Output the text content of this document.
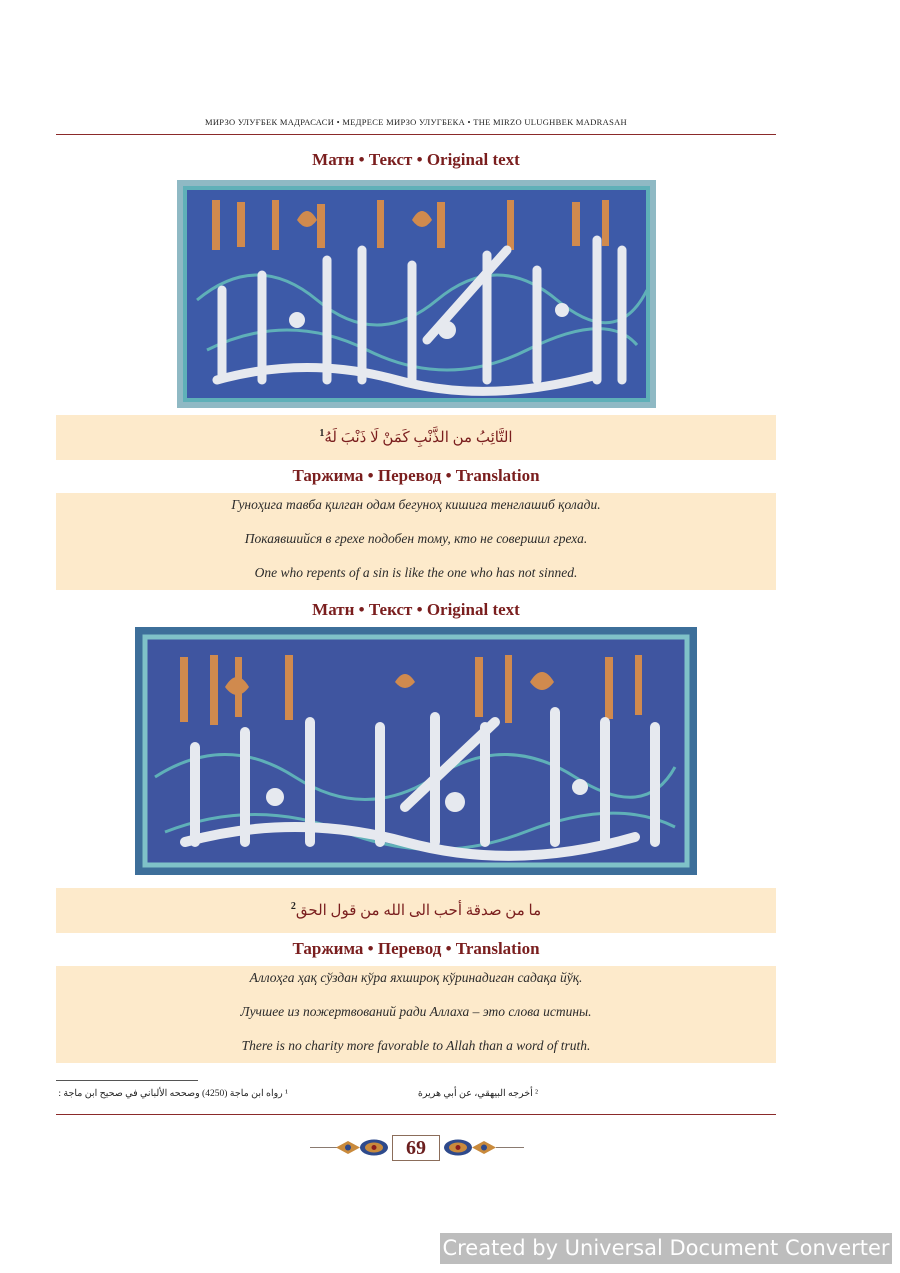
МИРЗО УЛУҒБЕК МАДРАСАСИ • МЕДРЕСЕ МИРЗО УЛУГБЕКА • THE MIRZO ULUGHBEK MADRASAH
Матн • Текст • Original text
التَّائِبُ من الذَّنْبِ كَمَنْ لَا ذَنْبَ لَهُ$^1$
Таржима • Перевод • Translation
Гуноҳига тавба қилган одам бегуноҳ кишига тенглашиб қолади.
Покаявшийся в грехе подобен тому, кто не совершил греха.
One who repents of a sin is like the one who has not sinned.
Матн • Текст • Original text
ما من صدقة أحب الى الله من قول الحق$^2$
Таржима • Перевод • Translation
Аллоҳга ҳақ сўздан кўра яхшироқ кўринадиган садақа йўқ.
Лучшее из пожертвований ради Аллаха – это слова истины.
There is no charity more favorable to Allah than a word of truth.
¹ رواه ابن ماجة (4250) وصححه الألباني في صحيح ابن ماجة :	² أخرجه البيهقي، عن أبي هريرة
69
Created by Universal Document Converter
